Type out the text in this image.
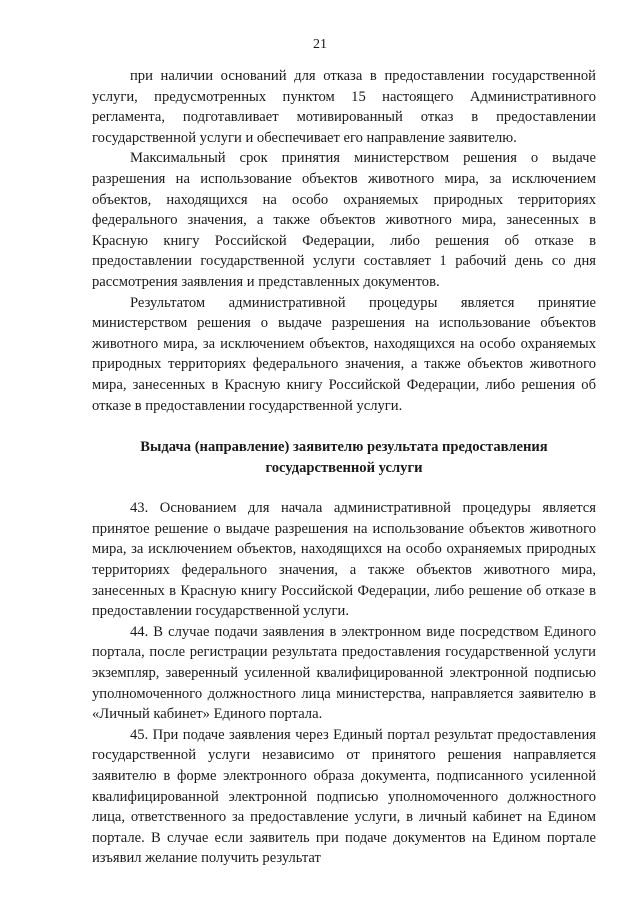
21

при наличии оснований для отказа в предоставлении государственной услуги, предусмотренных пунктом 15 настоящего Административного регламента, подготавливает мотивированный отказ в предоставлении государственной услуги и обеспечивает его направление заявителю.

Максимальный срок принятия министерством решения о выдаче разрешения на использование объектов животного мира, за исключением объектов, находящихся на особо охраняемых природных территориях федерального значения, а также объектов животного мира, занесенных в Красную книгу Российской Федерации, либо решения об отказе в предоставлении государственной услуги составляет 1 рабочий день со дня рассмотрения заявления и представленных документов.

Результатом административной процедуры является принятие министерством решения о выдаче разрешения на использование объектов животного мира, за исключением объектов, находящихся на особо охраняемых природных территориях федерального значения, а также объектов животного мира, занесенных в Красную книгу Российской Федерации, либо решения об отказе в предоставлении государственной услуги.

Выдача (направление) заявителю результата предоставления государственной услуги

43. Основанием для начала административной процедуры является принятое решение о выдаче разрешения на использование объектов животного мира, за исключением объектов, находящихся на особо охраняемых природных территориях федерального значения, а также объектов животного мира, занесенных в Красную книгу Российской Федерации, либо решение об отказе в предоставлении государственной услуги.

44. В случае подачи заявления в электронном виде посредством Единого портала, после регистрации результата предоставления государственной услуги экземпляр, заверенный усиленной квалифицированной электронной подписью уполномоченного должностного лица министерства, направляется заявителю в «Личный кабинет» Единого портала.

45. При подаче заявления через Единый портал результат предоставления государственной услуги независимо от принятого решения направляется заявителю в форме электронного образа документа, подписанного усиленной квалифицированной электронной подписью уполномоченного должностного лица, ответственного за предоставление услуги, в личный кабинет на Едином портале. В случае если заявитель при подаче документов на Едином портале изъявил желание получить результат
